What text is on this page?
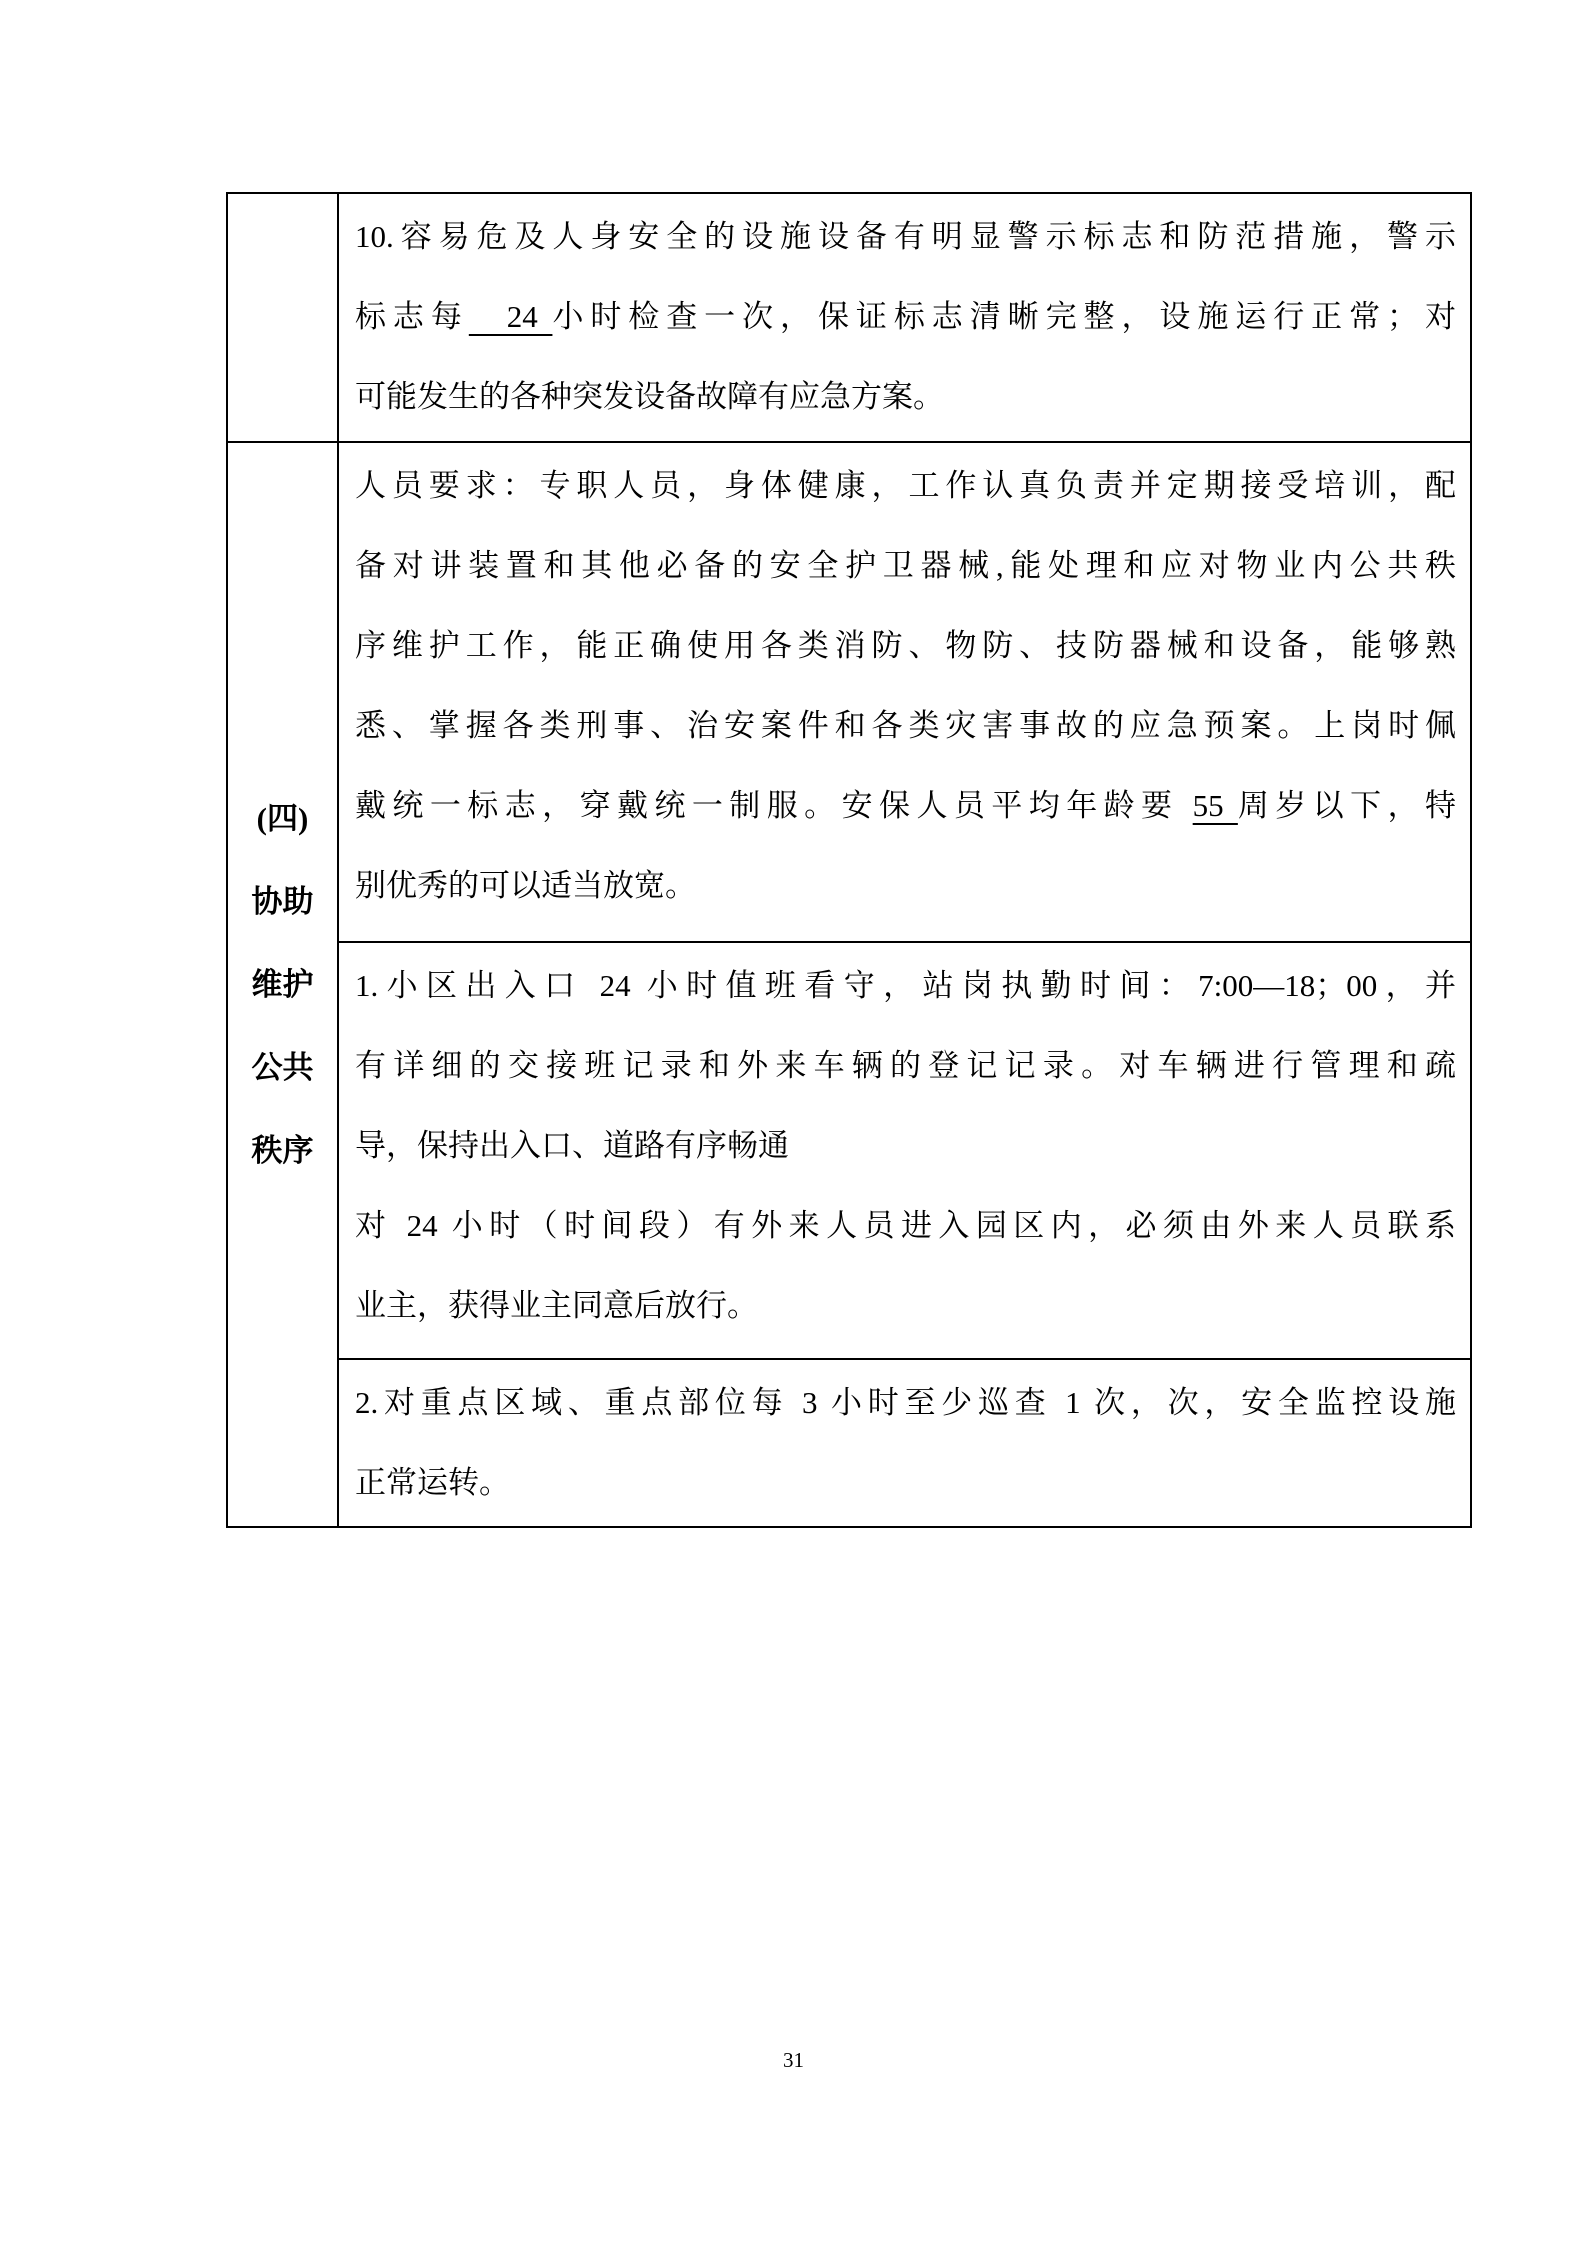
10.容易危及人身安全的设施设备有明显警示标志和防范措施，警示
标志每　24 小时检查一次，保证标志清晰完整，设施运行正常；对
可能发生的各种突发设备故障有应急方案。
(四)
协助
维护
公共
秩序
人员要求：专职人员，身体健康，工作认真负责并定期接受培训，配
备对讲装置和其他必备的安全护卫器械,能处理和应对物业内公共秩
序维护工作，能正确使用各类消防、物防、技防器械和设备，能够熟
悉、掌握各类刑事、治安案件和各类灾害事故的应急预案。上岗时佩
戴统一标志，穿戴统一制服。安保人员平均年龄要 55 周岁以下，特
别优秀的可以适当放宽。
1.小区出入口 24 小时值班看守，站岗执勤时间：7:00—18；00，并
有详细的交接班记录和外来车辆的登记记录。对车辆进行管理和疏
导，保持出入口、道路有序畅通
对 24 小时（时间段）有外来人员进入园区内，必须由外来人员联系
业主，获得业主同意后放行。
2.对重点区域、重点部位每 3 小时至少巡查 1 次，次，安全监控设施
正常运转。
31
